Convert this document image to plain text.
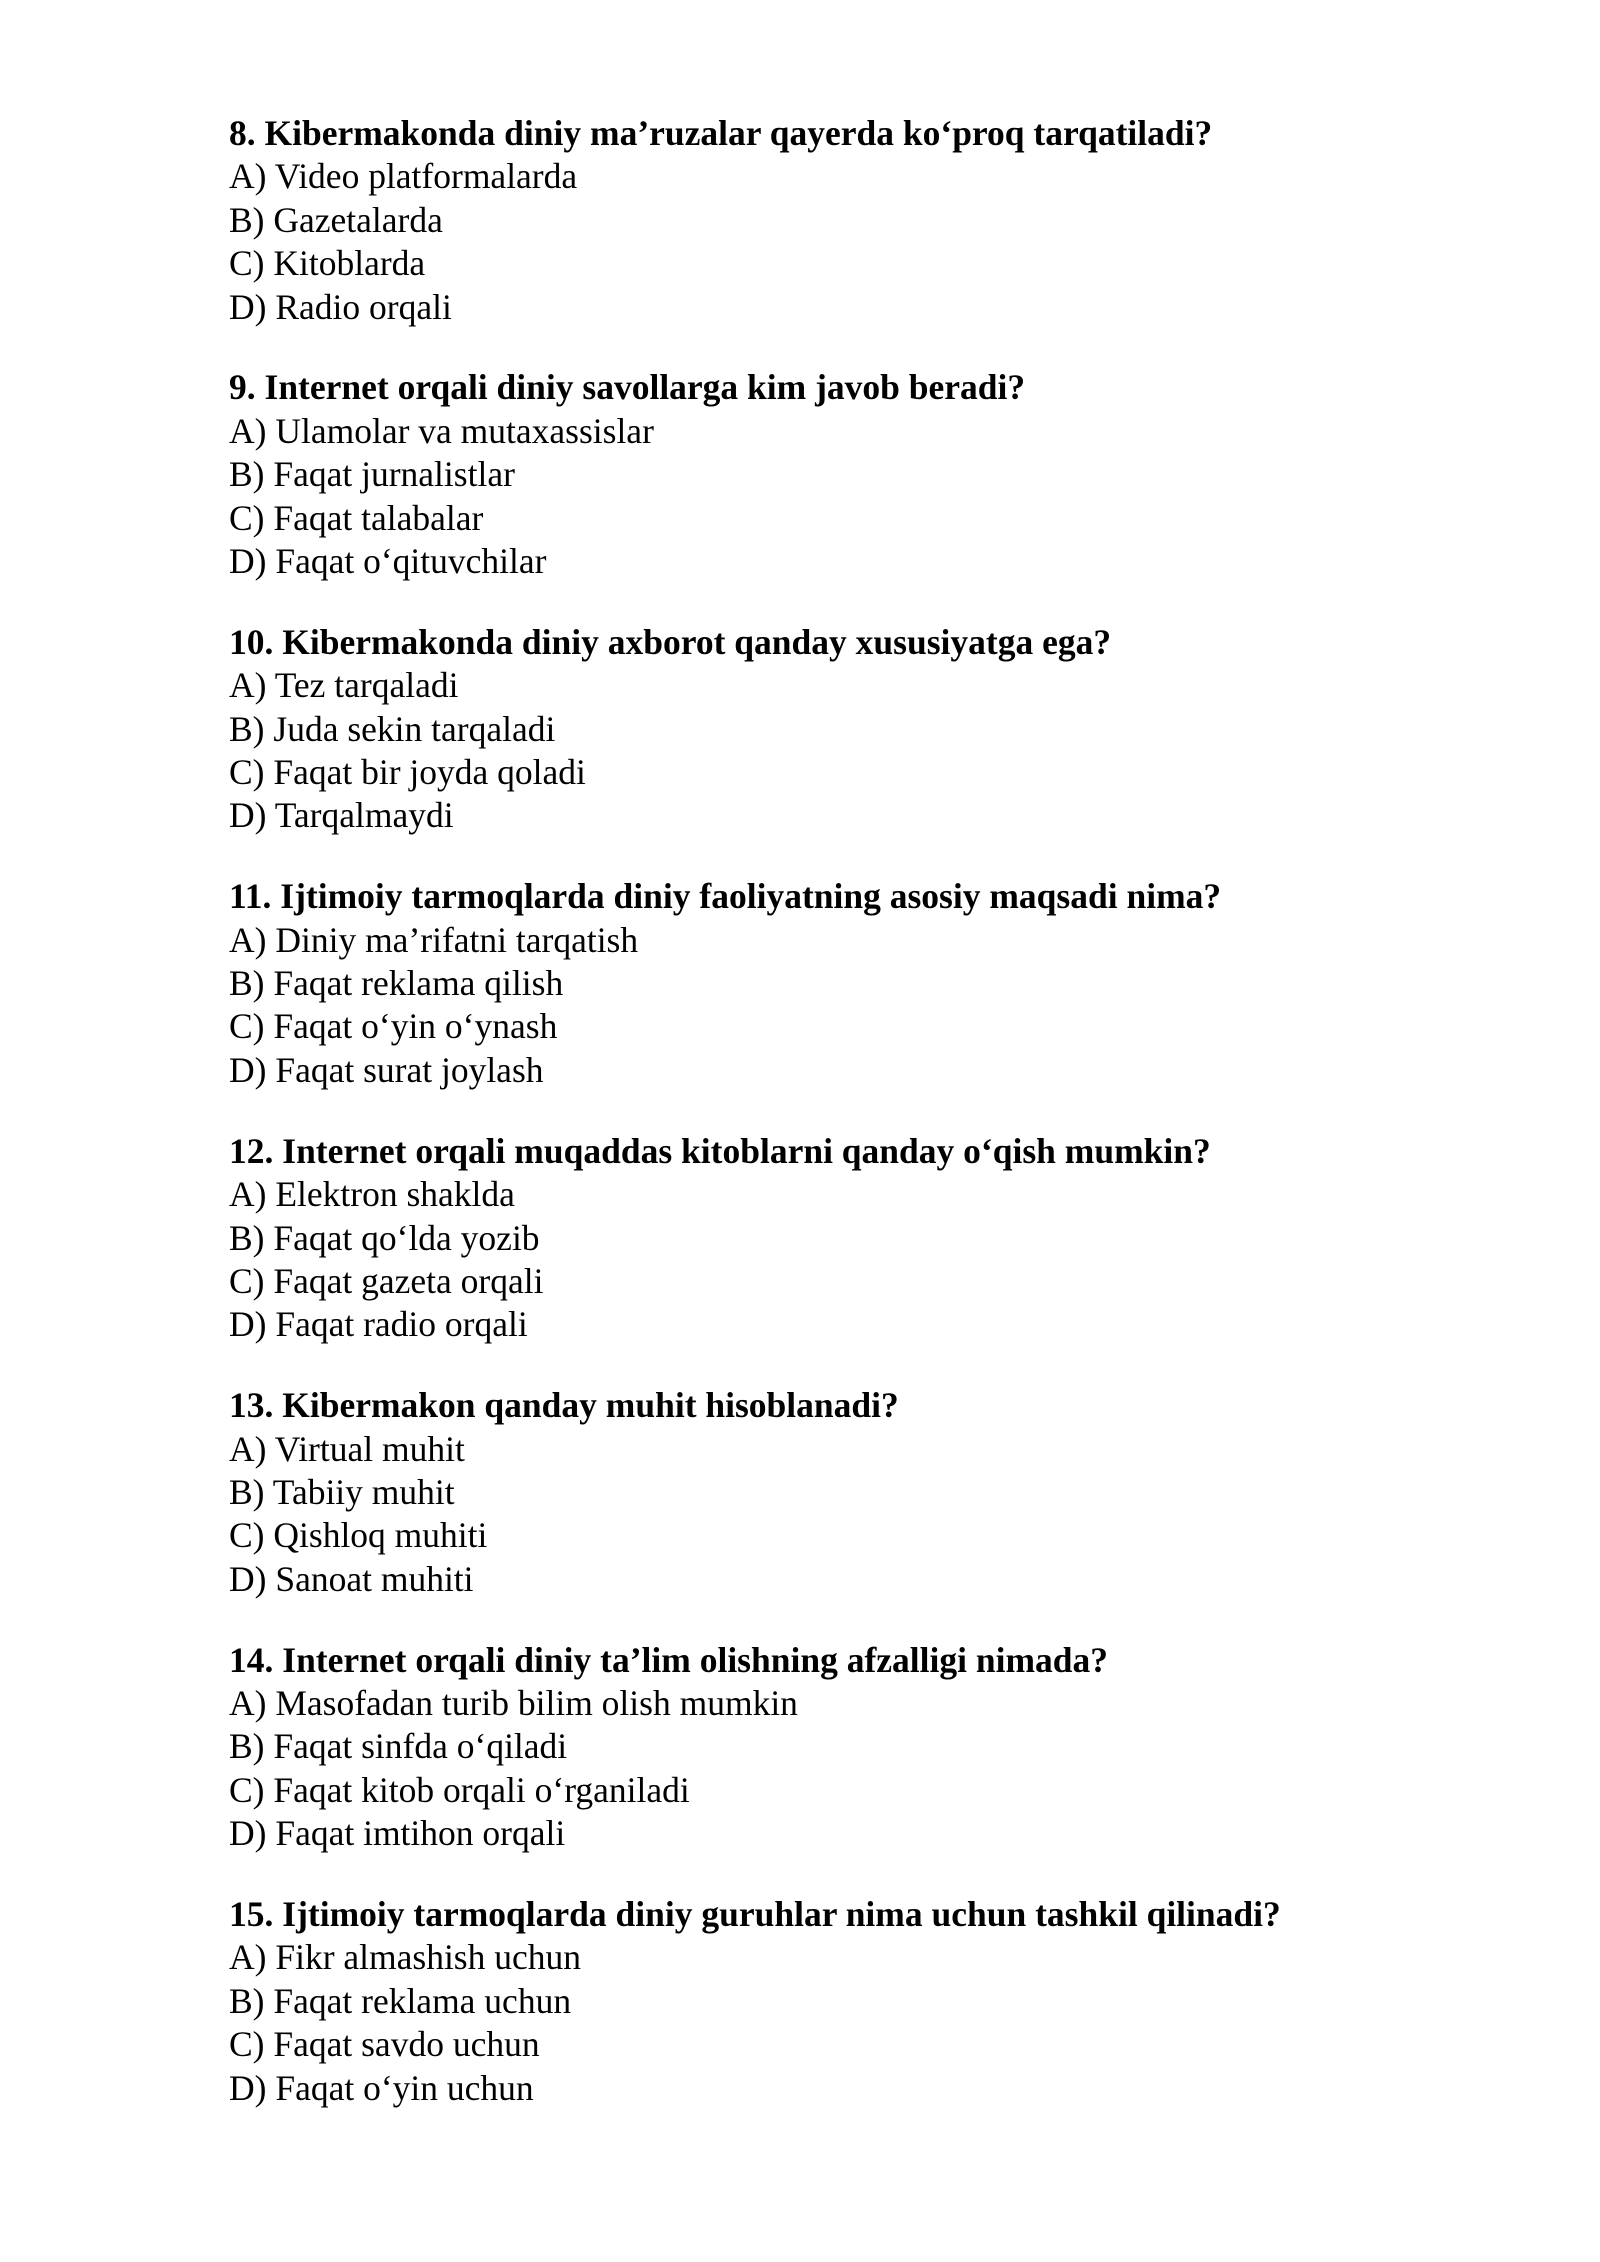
8. Kibermakonda diniy ma’ruzalar qayerda ko‘proq tarqatiladi?
A) Video platformalarda
B) Gazetalarda
C) Kitoblarda
D) Radio orqali
9. Internet orqali diniy savollarga kim javob beradi?
A) Ulamolar va mutaxassislar
B) Faqat jurnalistlar
C) Faqat talabalar
D) Faqat o‘qituvchilar
10. Kibermakonda diniy axborot qanday xususiyatga ega?
A) Tez tarqaladi
B) Juda sekin tarqaladi
C) Faqat bir joyda qoladi
D) Tarqalmaydi
11. Ijtimoiy tarmoqlarda diniy faoliyatning asosiy maqsadi nima?
A) Diniy ma’rifatni tarqatish
B) Faqat reklama qilish
C) Faqat o‘yin o‘ynash
D) Faqat surat joylash
12. Internet orqali muqaddas kitoblarni qanday o‘qish mumkin?
A) Elektron shaklda
B) Faqat qo‘lda yozib
C) Faqat gazeta orqali
D) Faqat radio orqali
13. Kibermakon qanday muhit hisoblanadi?
A) Virtual muhit
B) Tabiiy muhit
C) Qishloq muhiti
D) Sanoat muhiti
14. Internet orqali diniy ta’lim olishning afzalligi nimada?
A) Masofadan turib bilim olish mumkin
B) Faqat sinfda o‘qiladi
C) Faqat kitob orqali o‘rganiladi
D) Faqat imtihon orqali
15. Ijtimoiy tarmoqlarda diniy guruhlar nima uchun tashkil qilinadi?
A) Fikr almashish uchun
B) Faqat reklama uchun
C) Faqat savdo uchun
D) Faqat o‘yin uchun
